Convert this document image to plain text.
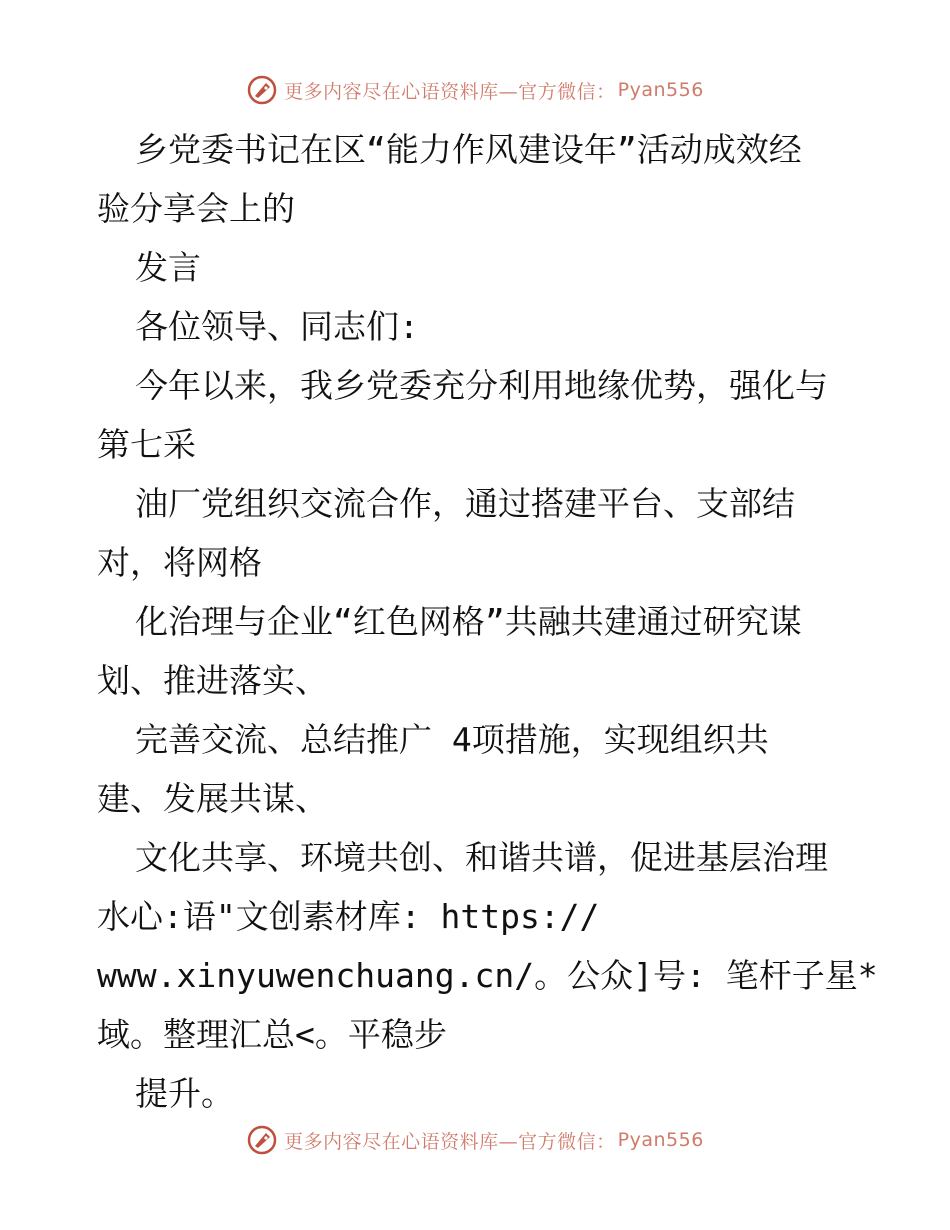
更多内容尽在心语资料库—官方微信： Pyan556
乡党委书记在区“能力作风建设年”活动成效经
验分享会上的
发言
各位领导、同志们:
今年以来，我乡党委充分利用地缘优势，强化与
第七采
油厂党组织交流合作，通过搭建平台、支部结
对，将网格
化治理与企业“红色网格”共融共建通过研究谋
划、推进落实、
完善交流、总结推广 4项措施，实现组织共
建、发展共谋、
文化共享、环境共创、和谐共谱，促进基层治理
水心:语"文创素材库: https://
www.xinyuwenchuang.cn/。公众]号: 笔杆子星*
域。整理汇总<。平稳步
提升。
更多内容尽在心语资料库—官方微信： Pyan556
